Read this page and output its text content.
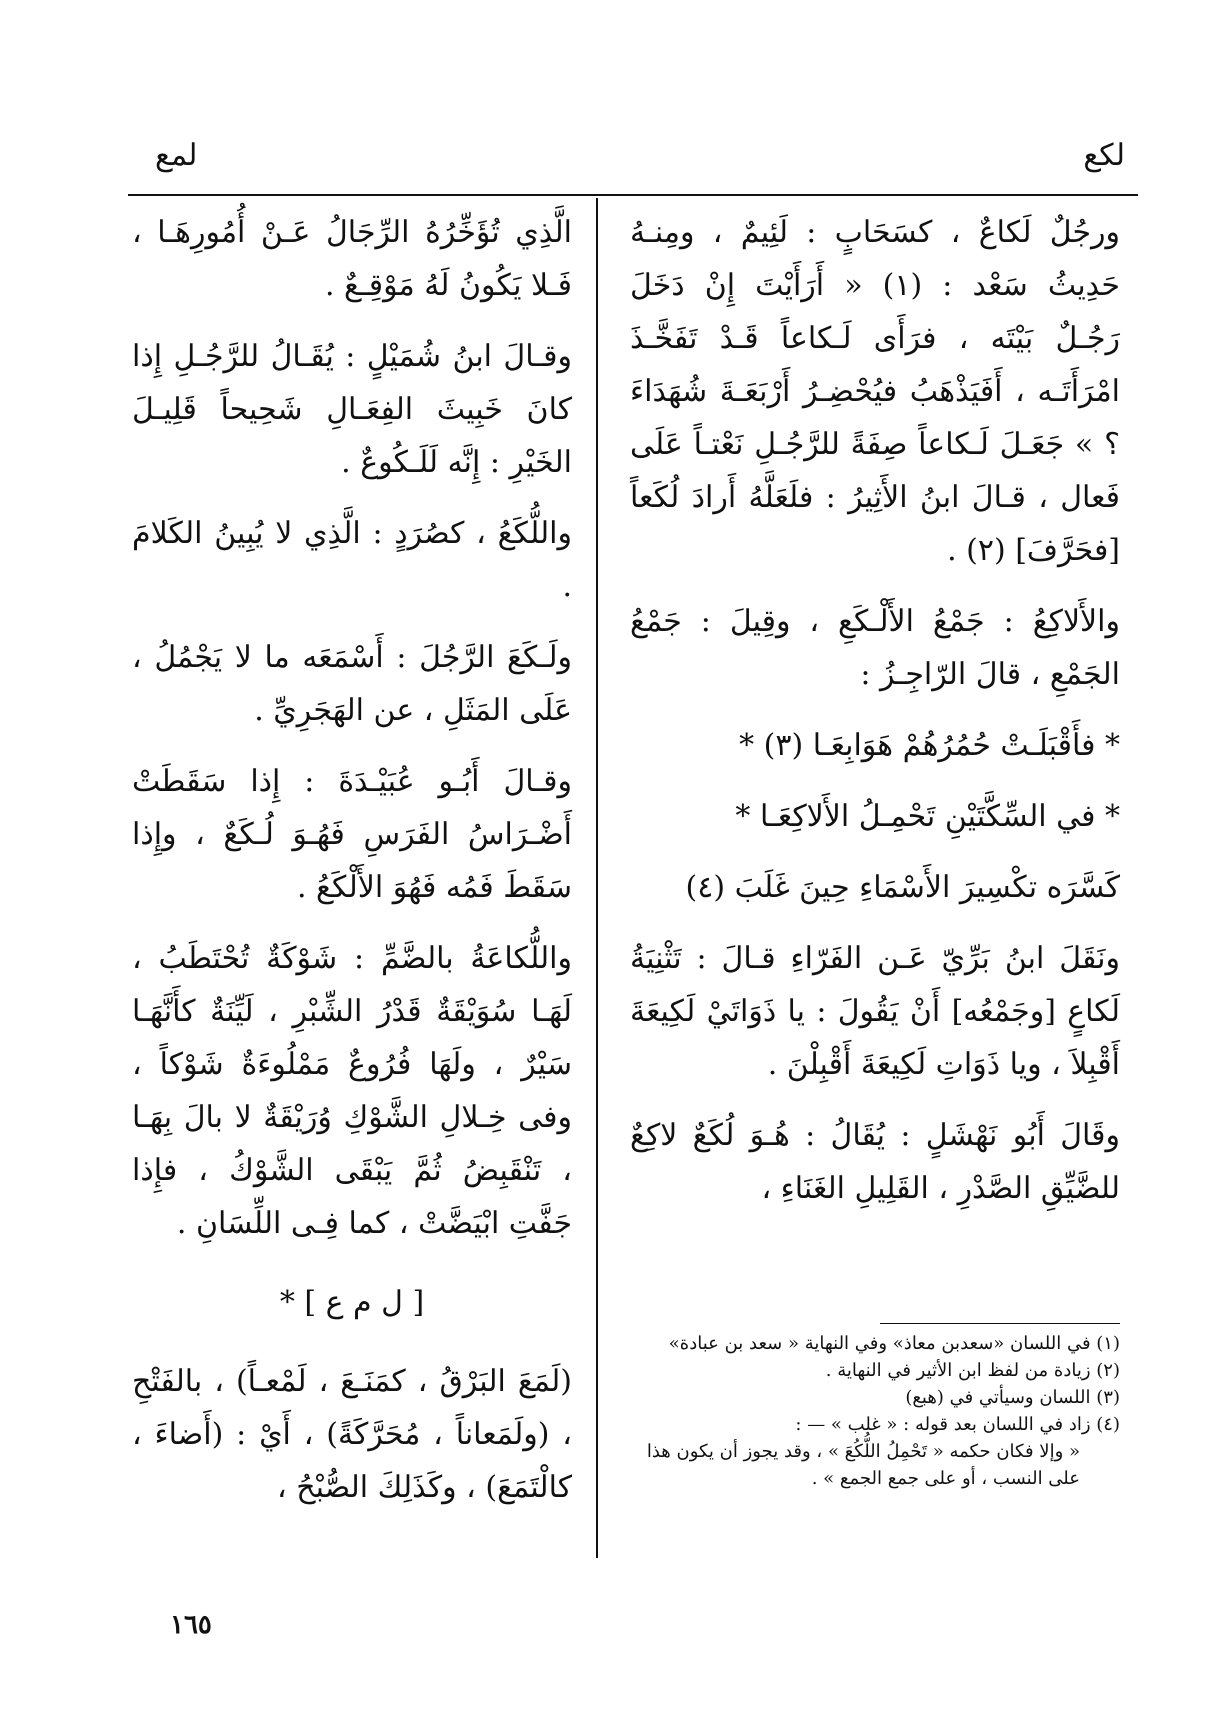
لكع
لمع

ورجُلٌ لَكاعٌ ، كسَحَابٍ : لَئِيمٌ ، ومِنـهُ حَدِيثُ سَعْد : (١) « أَرَأَيْتَ إِنْ دَخَلَ رَجُـلٌ بَيْتَه ، فرَأَى لَـكاعاً قَـدْ تَفَخَّـذَ امْرَأَتَـه ، أَفَيَذْهَبُ فيُحْضِـرُ أَرْبَعَـةَ شُهَدَاءَ ؟ » جَعَـلَ لَـكاعاً صِفَةً للرَّجُـلِ نَعْتـاً عَلَى فَعال ، قـالَ ابنُ الأَثِيرُ : فلَعَلَّهُ أَرادَ لُكَعاً [فحَرَّفَ] (٢) .

والأَلاكِعُ : جَمْعُ الأَلْـكَعِ ، وقِيلَ : جَمْعُ الجَمْعِ ، قالَ الرّاجِـزُ :

* فأَقْبَلَـتْ حُمُرُهُمْ هَوَابِعَـا (٣) *

* في السِّكَّتَيْنِ تَحْمِـلُ الأَلاكِعَـا *

كَسَّرَه تكْسِيرَ الأَسْمَاءِ حِينَ غَلَبَ (٤)

ونَقَلَ ابنُ بَرِّيّ عَـن الفَرّاءِ قـالَ : تَثْنِيَةُ لَكاعٍ [وجَمْعُه] أَنْ يَقُولَ : يا ذَوَاتَيْ لَكِيعَةَ أَقْبِلاَ ، ويا ذَوَاتِ لَكِيعَةَ أَقْبِلْنَ .

وقَالَ أَبُو نَهْشَلٍ : يُقَالُ : هُـوَ لُكَعٌ لاكِعٌ للضَّيِّقِ الصَّدْرِ ، القَلِيلِ الغَنَاءِ ،

(١) في اللسان «سعدبن معاذ» وفي النهاية « سعد بن عبادة»

(٢) زيادة من لفظ ابن الأثير في النهاية .

(٣) اللسان وسيأتي في (هبع)

(٤) زاد في اللسان بعد قوله : « غلب » — :

« وإلا فكان حكمه « تَحْمِلُ اللُّكُعَ » ، وقد يجوز أن يكون هذا على النسب ، أو على جمع الجمع » .

الَّذِي تُؤَخِّرُهُ الرِّجَالُ عَـنْ أُمُورِهَـا ، فَـلا يَكُونُ لَهُ مَوْقِـعٌ .

وقـالَ ابنُ شُمَيْلٍ : يُقَـالُ للرَّجُـلِ إِذا كانَ خَبِيثَ الفِعَـالِ شَحِيحاً قَلِيـلَ الخَيْرِ : إِنَّه لَلَـكُوعٌ .

واللُّكَعُ ، كصُرَدٍ : الَّذِي لا يُبِينُ الكَلامَ .

ولَـكَعَ الرَّجُلَ : أَسْمَعَه ما لا يَجْمُلُ ، عَلَى المَثَلِ ، عن الهَجَرِيِّ .

وقـالَ أَبُـو عُبَيْـدَةَ : إِذا سَقَطَتْ أَضْـرَاسُ الفَرَسِ فَهُـوَ لُـكَعٌ ، وإِذا سَقَطَ فَمُه فَهُوَ الأَلْكَعُ .

واللُّكاعَةُ بالضَّمِّ : شَوْكَةٌ تُحْتَطَبُ ، لَهَـا سُوَيْقَةٌ قَدْرُ الشِّبْرِ ، لَيِّنَةٌ كأَنَّهَـا سَيْرٌ ، ولَهَا فُرُوعٌ مَمْلُوءَةٌ شَوْكاً ، وفى خِـلالِ الشَّوْكِ وُرَيْقَةٌ لا بالَ بِهَـا ، تَنْقَبِضُ ثُمَّ يَبْقَى الشَّوْكُ ، فإِذا جَفَّتِ ابْيَضَّتْ ، كما فِـى اللِّسَانِ .

[ ل م ع ] *

(لَمَعَ البَرْقُ ، كمَنَـعَ ، لَمْعـاً) ، بالفَتْحِ ، (ولَمَعاناً ، مُحَرَّكَةً) ، أَيْ : (أَضاءَ ، كالْتَمَعَ) ، وكَذَلِكَ الصُّبْحُ ،

١٦٥
